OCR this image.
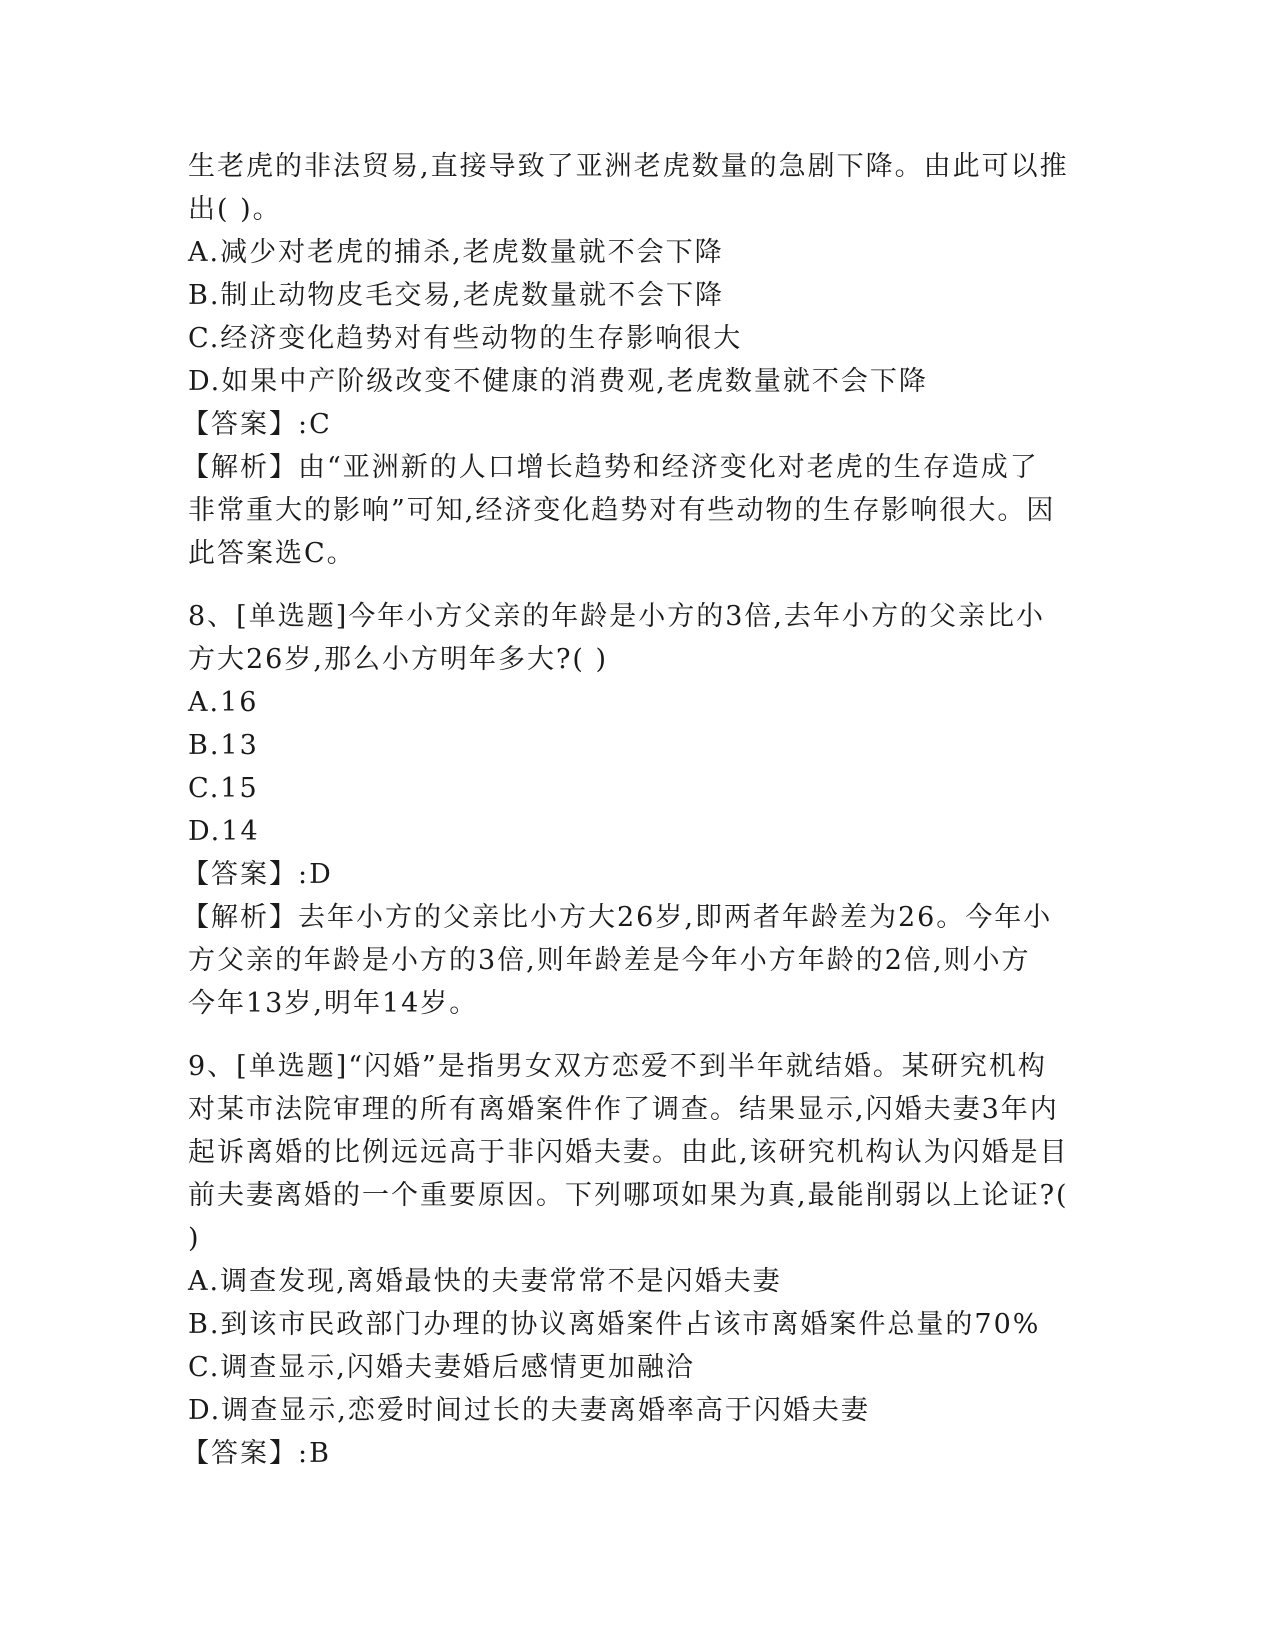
生老虎的非法贸易,直接导致了亚洲老虎数量的急剧下降。由此可以推
出( )。
A.减少对老虎的捕杀,老虎数量就不会下降
B.制止动物皮毛交易,老虎数量就不会下降
C.经济变化趋势对有些动物的生存影响很大
D.如果中产阶级改变不健康的消费观,老虎数量就不会下降
【答案】:C
【解析】由“亚洲新的人口增长趋势和经济变化对老虎的生存造成了
非常重大的影响”可知,经济变化趋势对有些动物的生存影响很大。因
此答案选C。
8、[单选题]今年小方父亲的年龄是小方的3倍,去年小方的父亲比小
方大26岁,那么小方明年多大?( )
A.16
B.13
C.15
D.14
【答案】:D
【解析】去年小方的父亲比小方大26岁,即两者年龄差为26。今年小
方父亲的年龄是小方的3倍,则年龄差是今年小方年龄的2倍,则小方
今年13岁,明年14岁。
9、[单选题]“闪婚”是指男女双方恋爱不到半年就结婚。某研究机构
对某市法院审理的所有离婚案件作了调查。结果显示,闪婚夫妻3年内
起诉离婚的比例远远高于非闪婚夫妻。由此,该研究机构认为闪婚是目
前夫妻离婚的一个重要原因。下列哪项如果为真,最能削弱以上论证?(
)
A.调查发现,离婚最快的夫妻常常不是闪婚夫妻
B.到该市民政部门办理的协议离婚案件占该市离婚案件总量的70%
C.调查显示,闪婚夫妻婚后感情更加融洽
D.调查显示,恋爱时间过长的夫妻离婚率高于闪婚夫妻
【答案】:B
